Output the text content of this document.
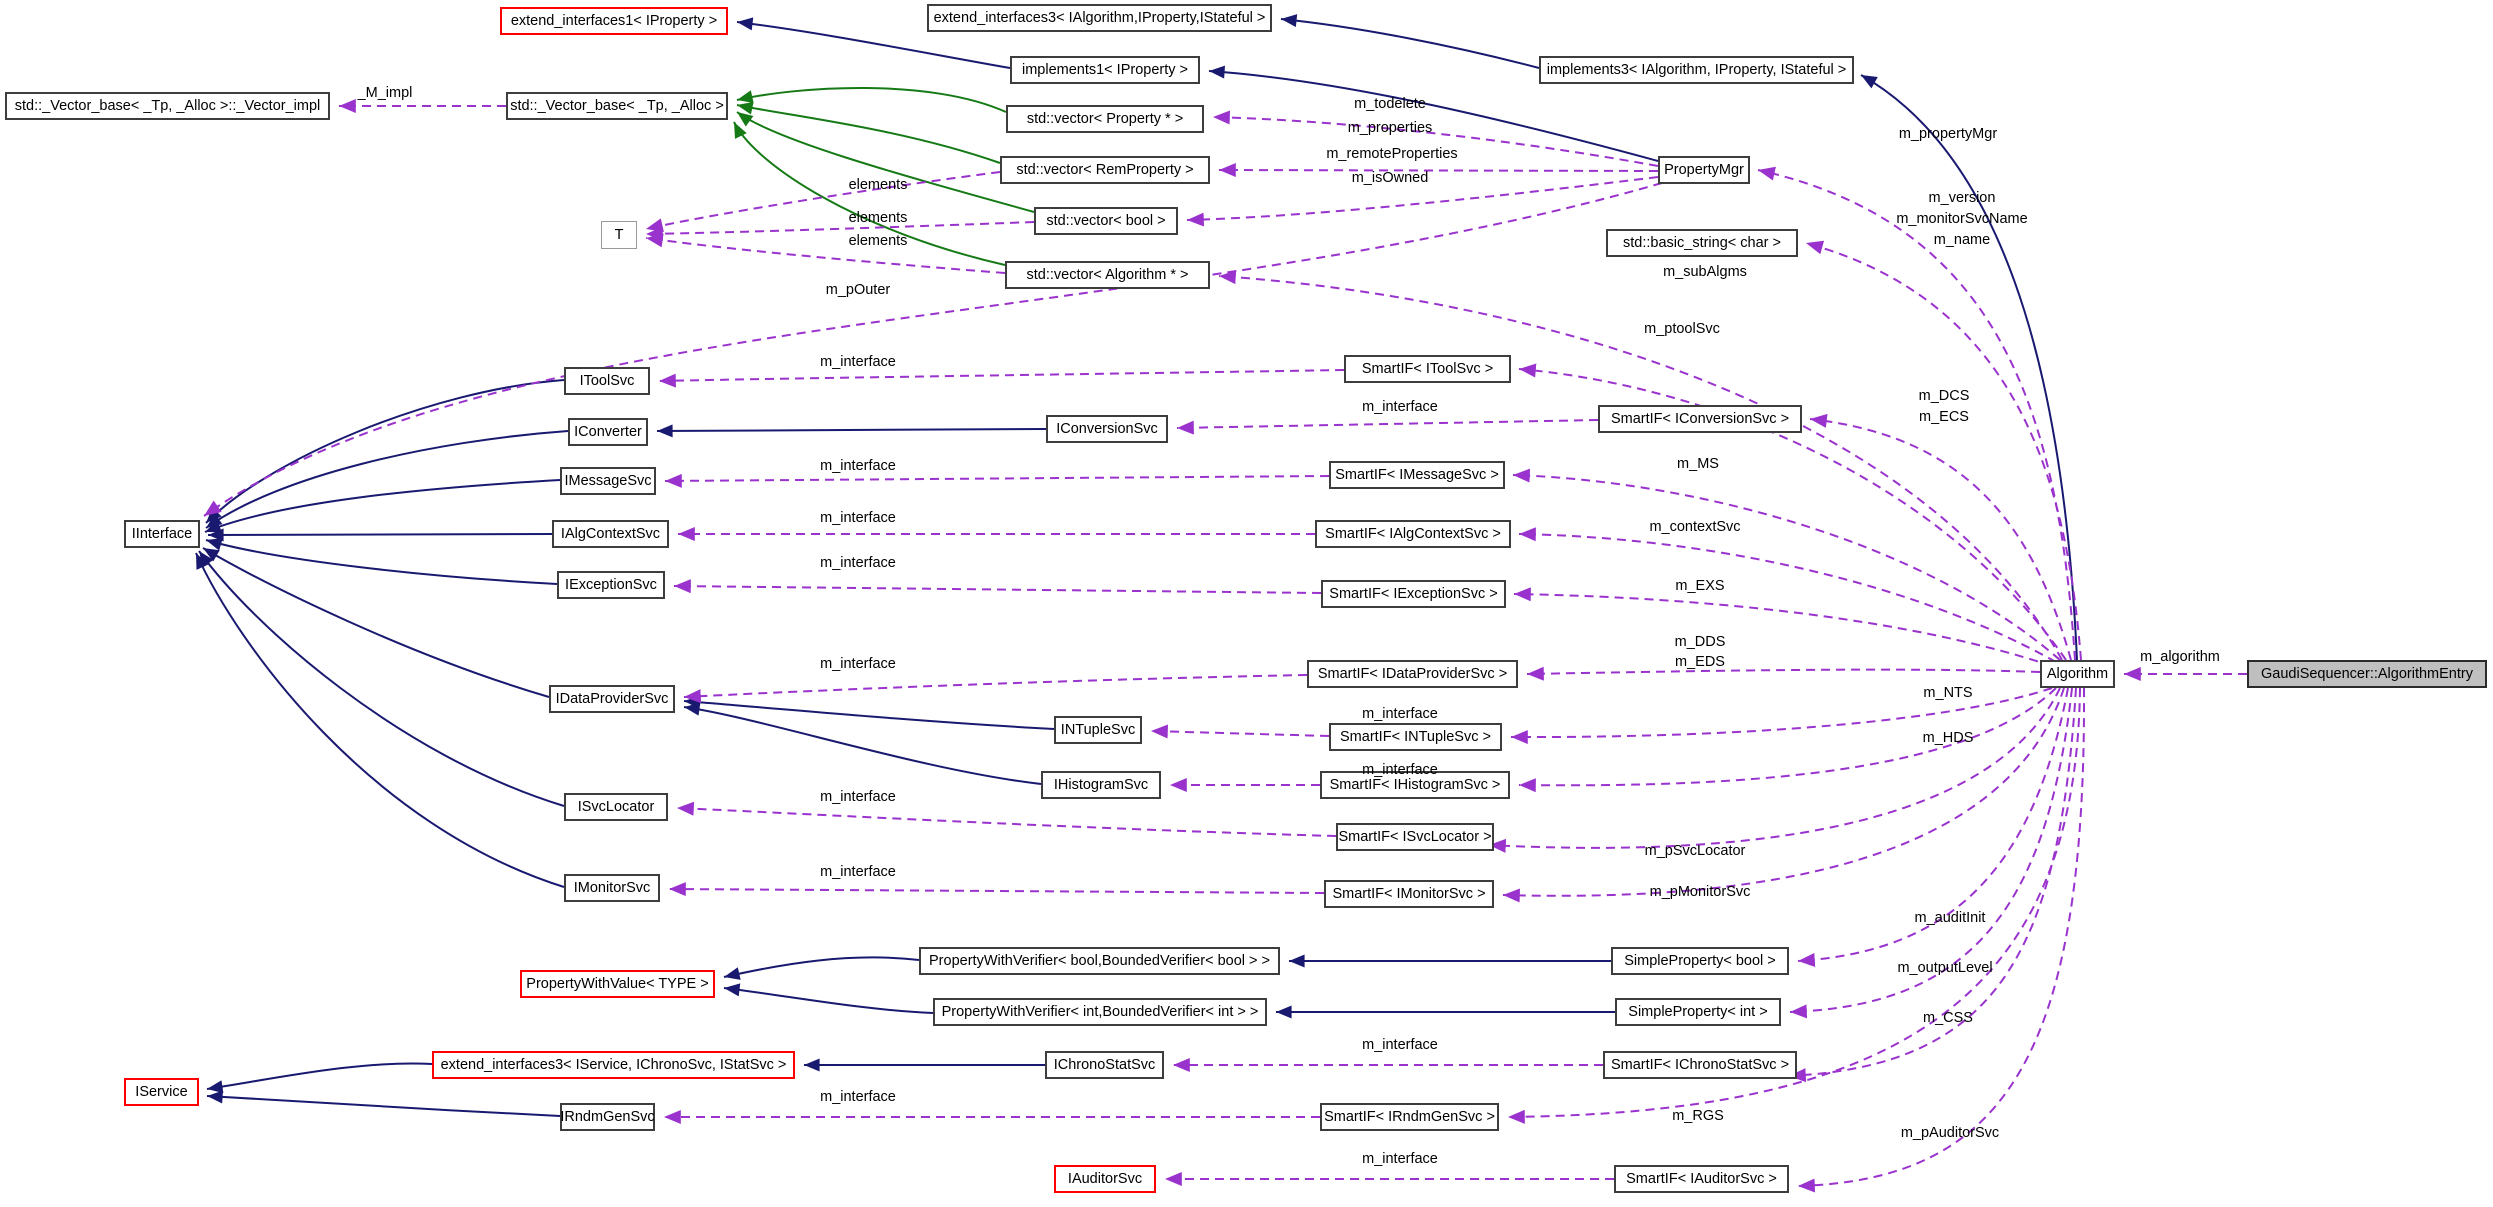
std::_Vector_base< _Tp, _Alloc >::_Vector_impl	std::_Vector_base< _Tp, _Alloc >
extend_interfaces1< IProperty >	extend_interfaces3< IAlgorithm,IProperty,IStateful >
implements1< IProperty >	implements3< IAlgorithm, IProperty, IStateful >
std::vector< Property * >
std::vector< RemProperty >
std::vector< bool >
std::vector< Algorithm * >
T
PropertyMgr
std::basic_string< char >
IToolSvc
SmartIF< IToolSvc >
IConverter	IConversionSvc
SmartIF< IConversionSvc >
IMessageSvc	SmartIF< IMessageSvc >
IAlgContextSvc	SmartIF< IAlgContextSvc >
IExceptionSvc
SmartIF< IExceptionSvc >
IInterface
IDataProviderSvc
SmartIF< IDataProviderSvc >
INTupleSvc	SmartIF< INTupleSvc >
IHistogramSvc	SmartIF< IHistogramSvc >
ISvcLocator
SmartIF< ISvcLocator >
IMonitorSvc	SmartIF< IMonitorSvc >
PropertyWithValue< TYPE >
PropertyWithVerifier< bool,BoundedVerifier< bool > >
PropertyWithVerifier< int,BoundedVerifier< int > >
SimpleProperty< bool >
SimpleProperty< int >
extend_interfaces3< IService, IChronoSvc, IStatSvc >	IChronoStatSvc	SmartIF< IChronoStatSvc >
IService
IRndmGenSvc	SmartIF< IRndmGenSvc >
IAuditorSvc	SmartIF< IAuditorSvc >
Algorithm	GaudiSequencer::AlgorithmEntry
_M_impl
m_todelete
m_properties
m_remoteProperties
m_isOwned
m_propertyMgr
m_version
m_monitorSvcName
m_name
m_subAlgms
m_pOuter
m_ptoolSvc
m_interface
m_interface
m_DCS
m_ECS
m_interface	m_MS
m_interface
m_contextSvc
m_interface
m_EXS
m_interface
m_DDS
m_EDS
m_interface
m_NTS
m_interface
m_HDS
m_interface
m_pSvcLocator
m_interface
m_pMonitorSvc
m_auditInit
m_outputLevel
m_CSS
m_interface
m_interface
m_RGS
m_pAuditorSvc
m_interface
m_algorithm
elements
elements
elements
